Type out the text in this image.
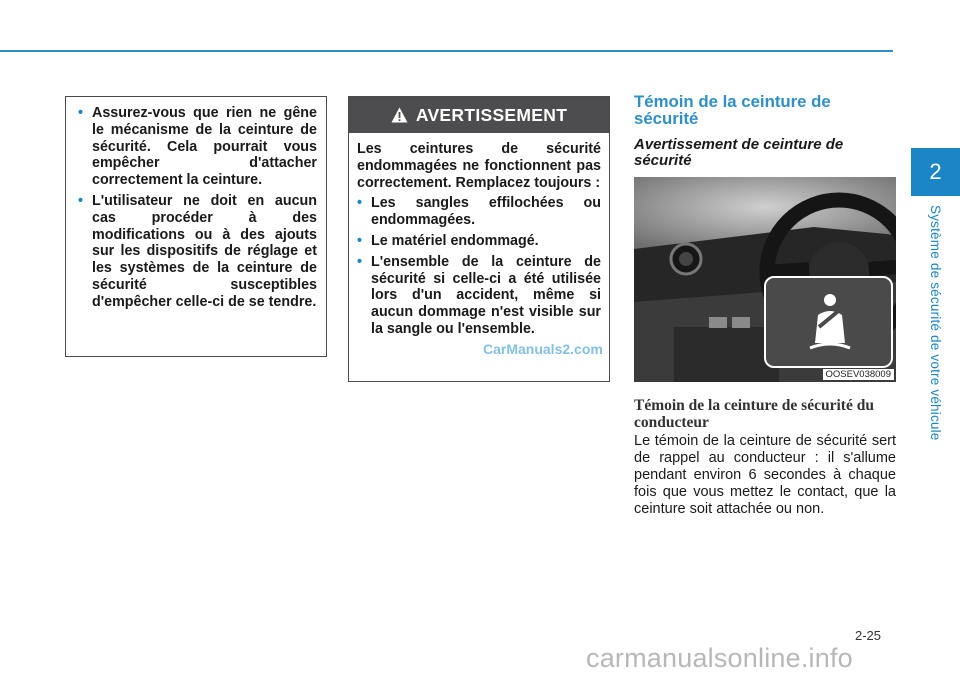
2
Système de sécurité de votre véhicule

• Assurez-vous que rien ne gêne le mécanisme de la ceinture de sécurité. Cela pourrait vous empêcher d'attacher correctement la ceinture.

• L'utilisateur ne doit en aucun cas procéder à des modifications ou à des ajouts sur les dispositifs de réglage et les systèmes de la ceinture de sécurité susceptibles d'empêcher celle-ci de se tendre.

AVERTISSEMENT

Les ceintures de sécurité endommagées ne fonctionnent pas correctement. Remplacez toujours :

• Les sangles effilochées ou endommagées.

• Le matériel endommagé.

• L'ensemble de la ceinture de sécurité si celle-ci a été utilisée lors d'un accident, même si aucun dommage n'est visible sur la sangle ou l'ensemble.

Témoin de la ceinture de sécurité
Avertissement de ceinture de sécurité
OOSEV038009
Témoin de la ceinture de sécurité du conducteur

Le témoin de la ceinture de sécurité sert de rappel au conducteur : il s'allume pendant environ 6 secondes à chaque fois que vous mettez le contact, que la ceinture soit attachée ou non.

2-25
CarManuals2.com
carmanualsonline.info
